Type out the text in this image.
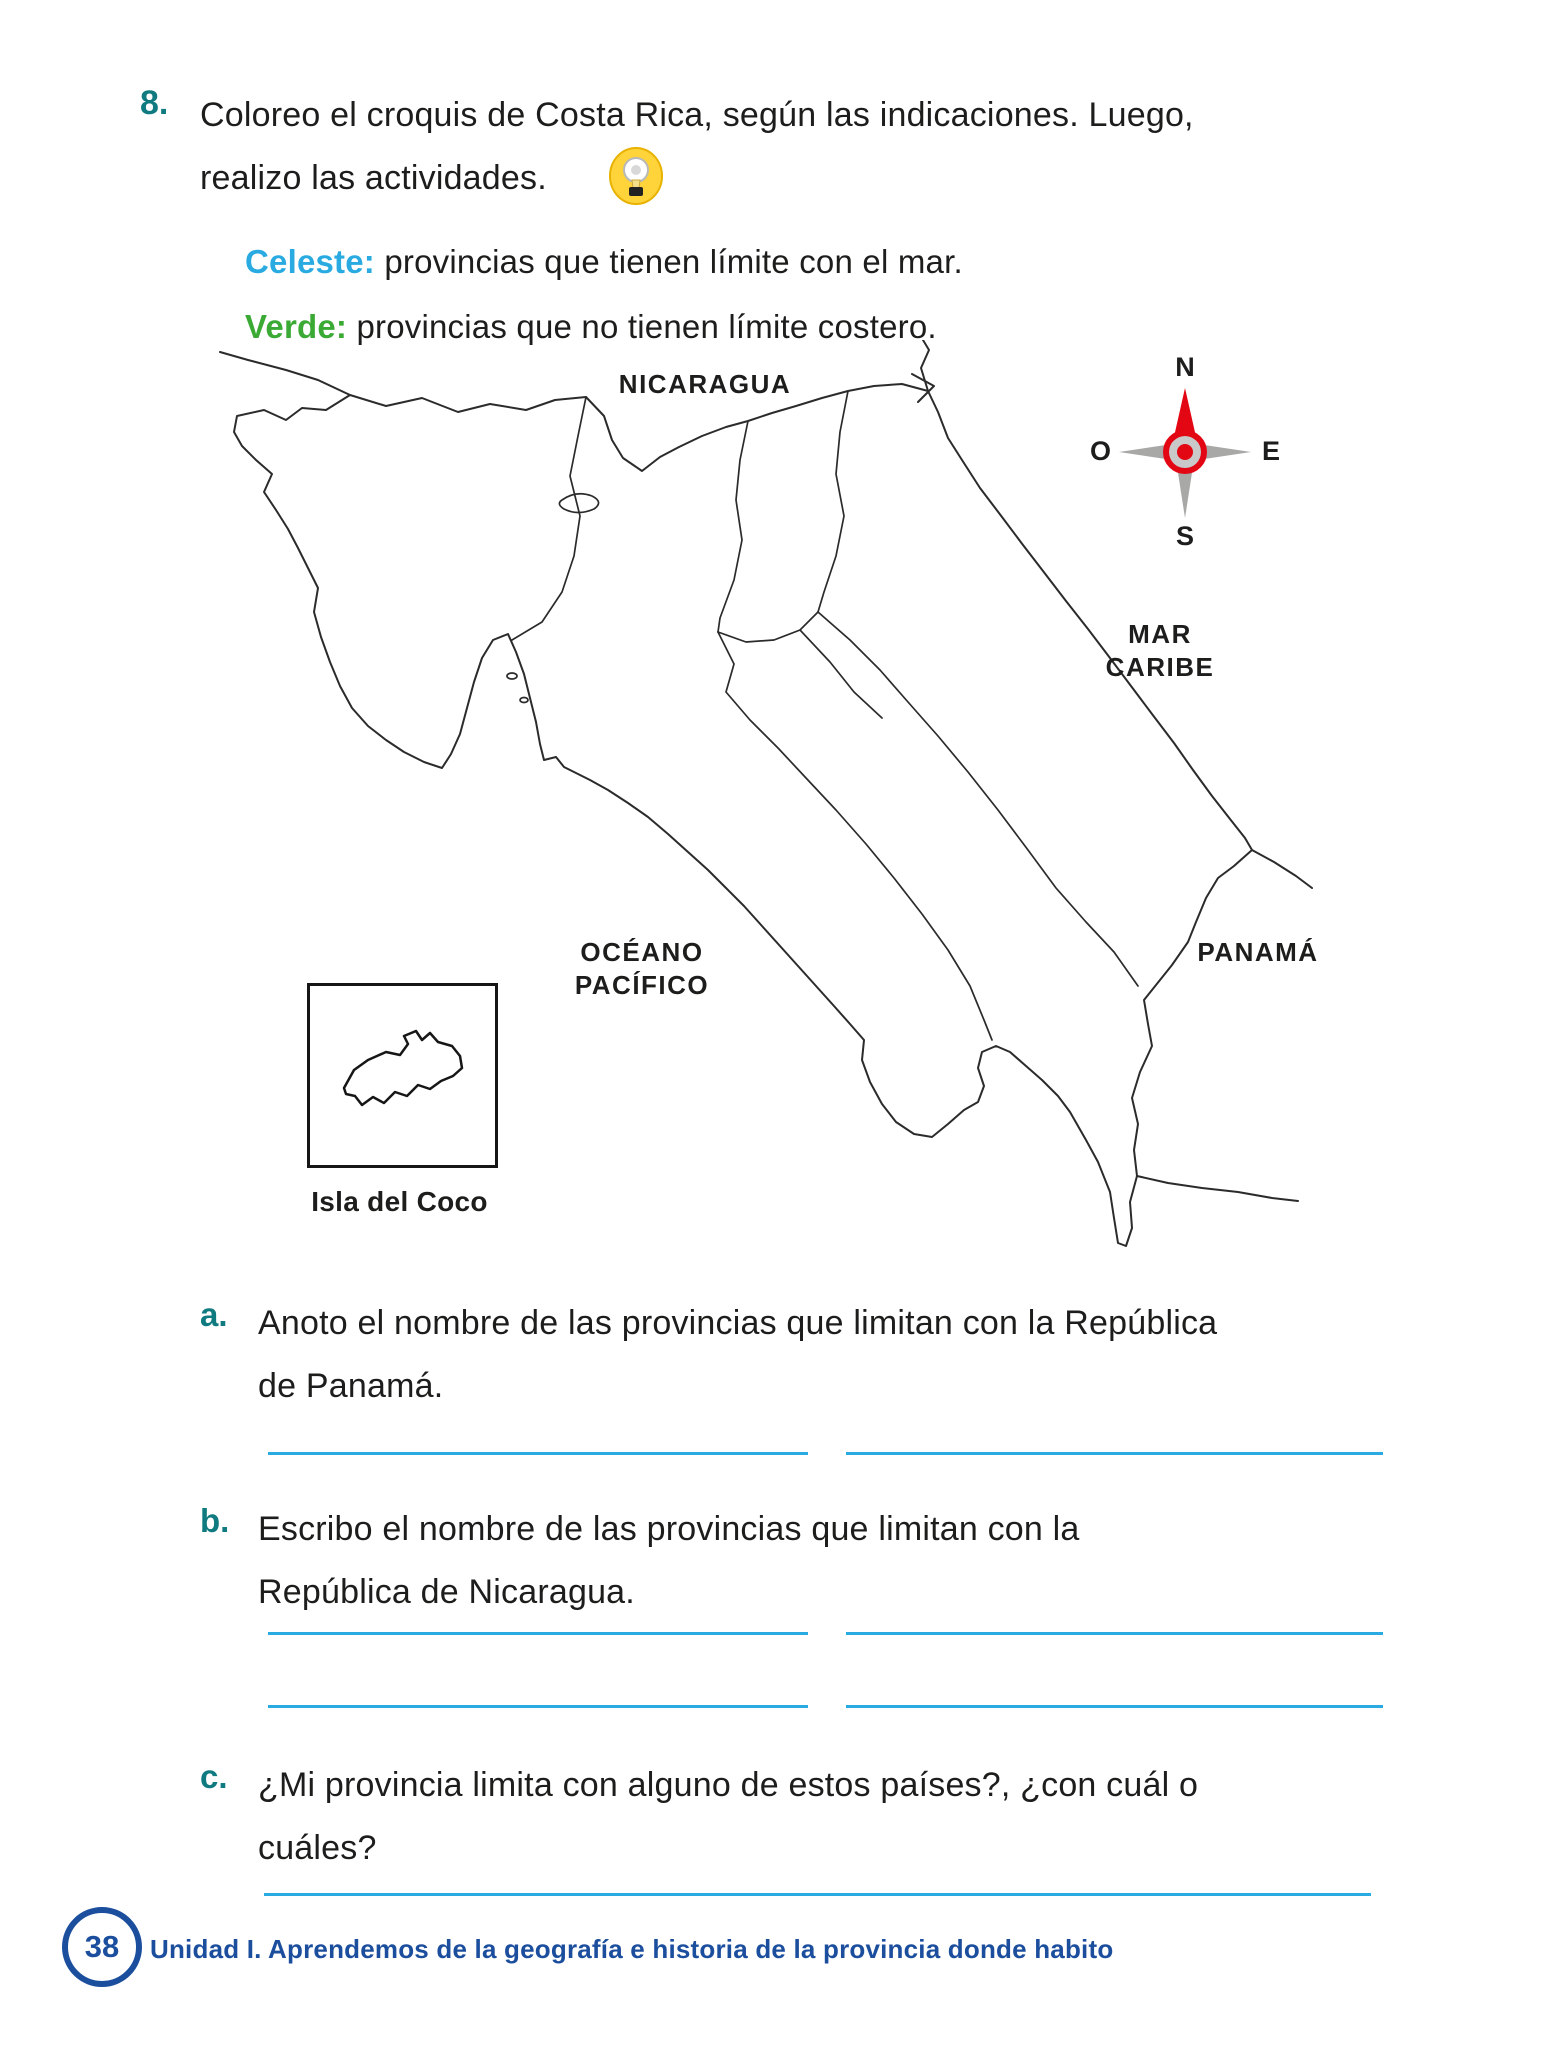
8. Coloreo el croquis de Costa Rica, según las indicaciones. Luego,
realizo las actividades.
Celeste: provincias que tienen límite con el mar.
Verde: provincias que no tienen límite costero.
NICARAGUA
MAR
CARIBE
OCÉANO
PACÍFICO
PANAMÁ
N
O	E
S
Isla del Coco
a. Anoto el nombre de las provincias que limitan con la República
de Panamá.
b. Escribo el nombre de las provincias que limitan con la
República de Nicaragua.
c. ¿Mi provincia limita con alguno de estos países?, ¿con cuál o
cuáles?
38 Unidad I. Aprendemos de la geografía e historia de la provincia donde habito
